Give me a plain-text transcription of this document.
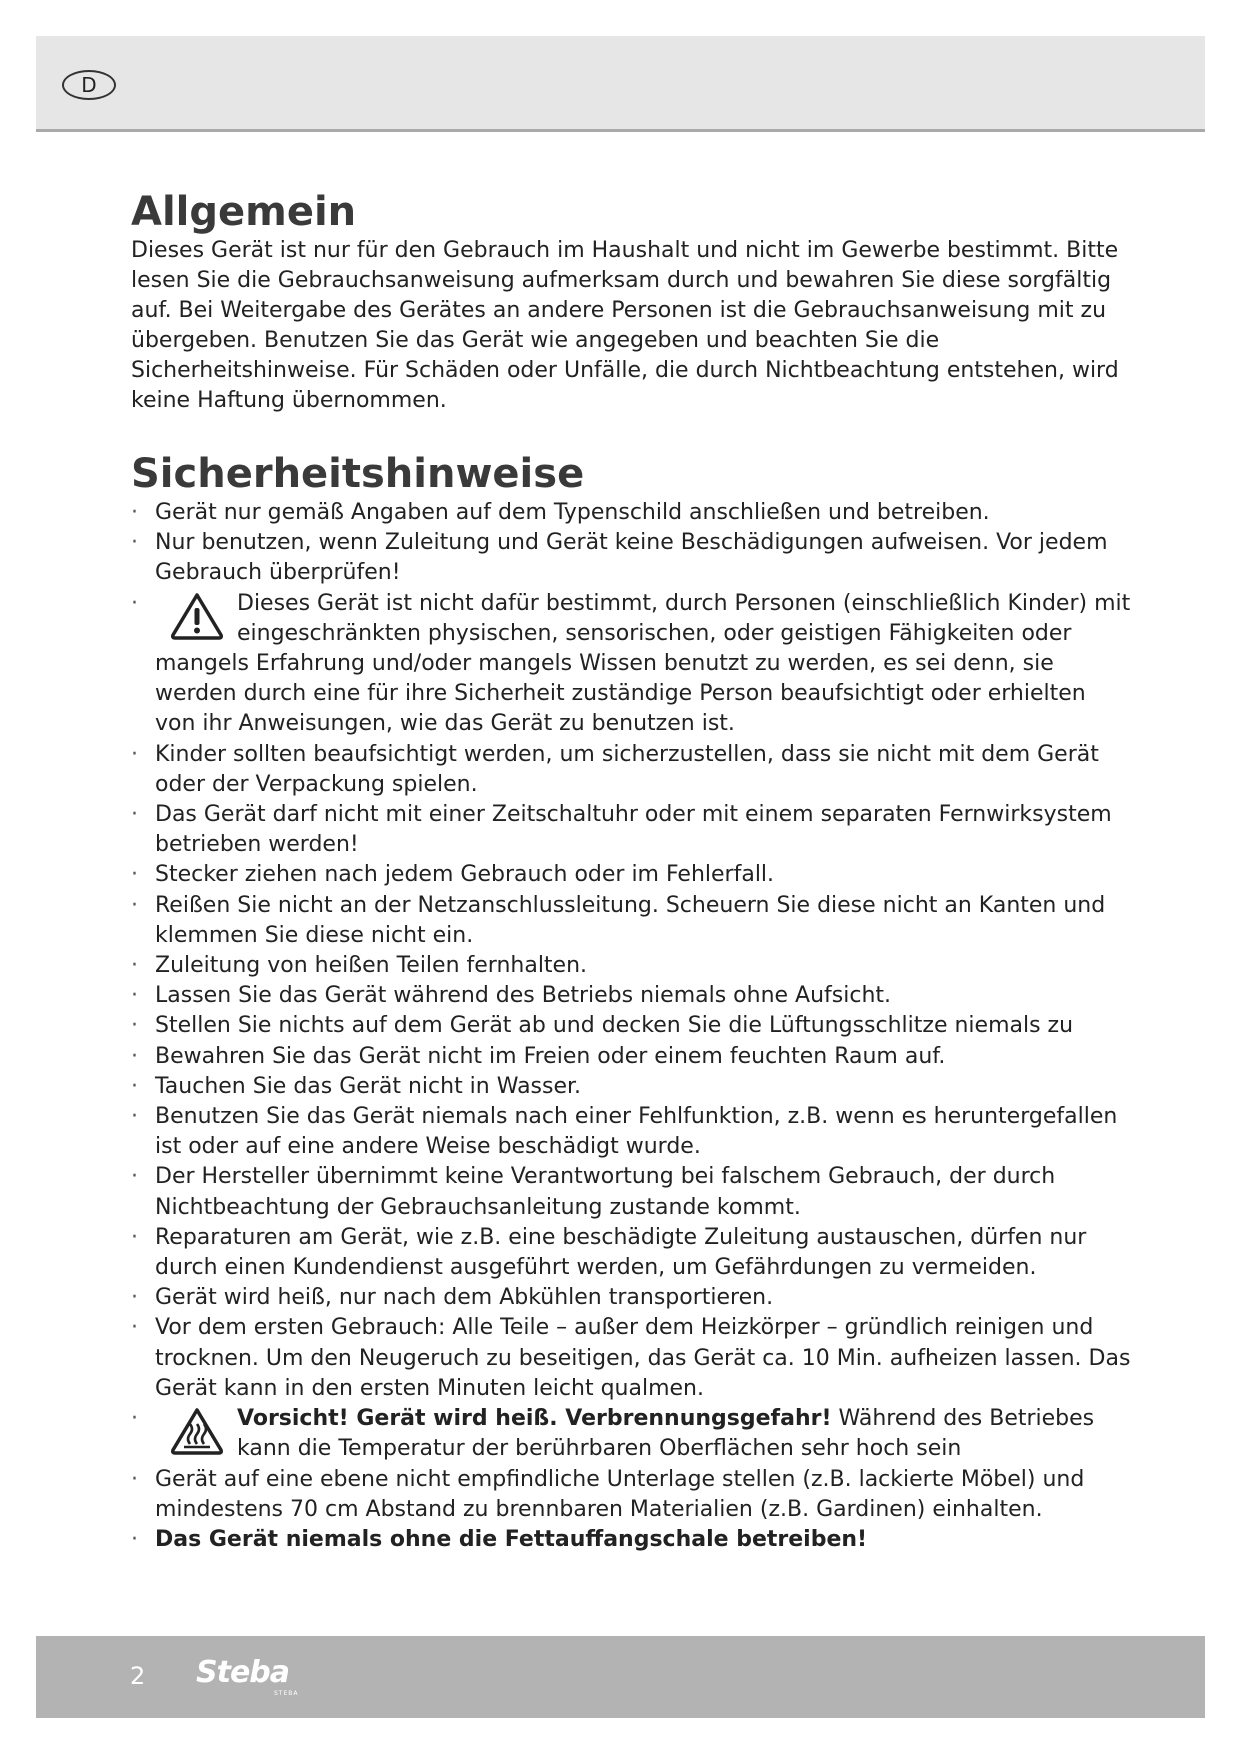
D
Allgemein

Dieses Gerät ist nur für den Gebrauch im Haushalt und nicht im Gewerbe bestimmt. Bitte lesen Sie die Gebrauchsanweisung aufmerksam durch und bewahren Sie diese sorgfältig auf. Bei Weitergabe des Gerätes an andere Personen ist die Gebrauchsanweisung mit zu übergeben. Benutzen Sie das Gerät wie angegeben und beachten Sie die Sicherheitshinweise. Für Schäden oder Unfälle, die durch Nichtbeachtung entstehen, wird keine Haftung übernommen.

Sicherheitshinweise
· Gerät nur gemäß Angaben auf dem Typenschild anschließen und betreiben.
· Nur benutzen, wenn Zuleitung und Gerät keine Beschädigungen aufweisen. Vor jedem Gebrauch überprüfen!
·	Dieses Gerät ist nicht dafür bestimmt, durch Personen (einschließlich Kinder) mit eingeschränkten physischen, sensorischen, oder geistigen Fähigkeiten oder mangels Erfahrung und/oder mangels Wissen benutzt zu werden, es sei denn, sie werden durch eine für ihre Sicherheit zuständige Person beaufsichtigt oder erhielten von ihr Anweisungen, wie das Gerät zu benutzen ist.
· Kinder sollten beaufsichtigt werden, um sicherzustellen, dass sie nicht mit dem Gerät oder der Verpackung spielen.
· Das Gerät darf nicht mit einer Zeitschaltuhr oder mit einem separaten Fernwirksystem betrieben werden!
· Stecker ziehen nach jedem Gebrauch oder im Fehlerfall.
· Reißen Sie nicht an der Netzanschlussleitung. Scheuern Sie diese nicht an Kanten und klemmen Sie diese nicht ein.
· Zuleitung von heißen Teilen fernhalten.
· Lassen Sie das Gerät während des Betriebs niemals ohne Aufsicht.
· Stellen Sie nichts auf dem Gerät ab und decken Sie die Lüftungsschlitze niemals zu
· Bewahren Sie das Gerät nicht im Freien oder einem feuchten Raum auf.
· Tauchen Sie das Gerät nicht in Wasser.
· Benutzen Sie das Gerät niemals nach einer Fehlfunktion, z.B. wenn es heruntergefallen ist oder auf eine andere Weise beschädigt wurde.
· Der Hersteller übernimmt keine Verantwortung bei falschem Gebrauch, der durch Nichtbeachtung der Gebrauchsanleitung zustande kommt.
· Reparaturen am Gerät, wie z.B. eine beschädigte Zuleitung austauschen, dürfen nur durch einen Kundendienst ausgeführt werden, um Gefährdungen zu vermeiden.
· Gerät wird heiß, nur nach dem Abkühlen transportieren.
· Vor dem ersten Gebrauch: Alle Teile – außer dem Heizkörper – gründlich reinigen und trocknen. Um den Neugeruch zu beseitigen, das Gerät ca. 10 Min. aufheizen lassen. Das Gerät kann in den ersten Minuten leicht qualmen.
·	Vorsicht! Gerät wird heiß. Verbrennungsgefahr! Während des Betriebes kann die Temperatur der berührbaren Oberflächen sehr hoch sein
· Gerät auf eine ebene nicht empfindliche Unterlage stellen (z.B. lackierte Möbel) und mindestens 70 cm Abstand zu brennbaren Materialien (z.B. Gardinen) einhalten.
· Das Gerät niemals ohne die Fettauffangschale betreiben!
2 Steba
STEBA
